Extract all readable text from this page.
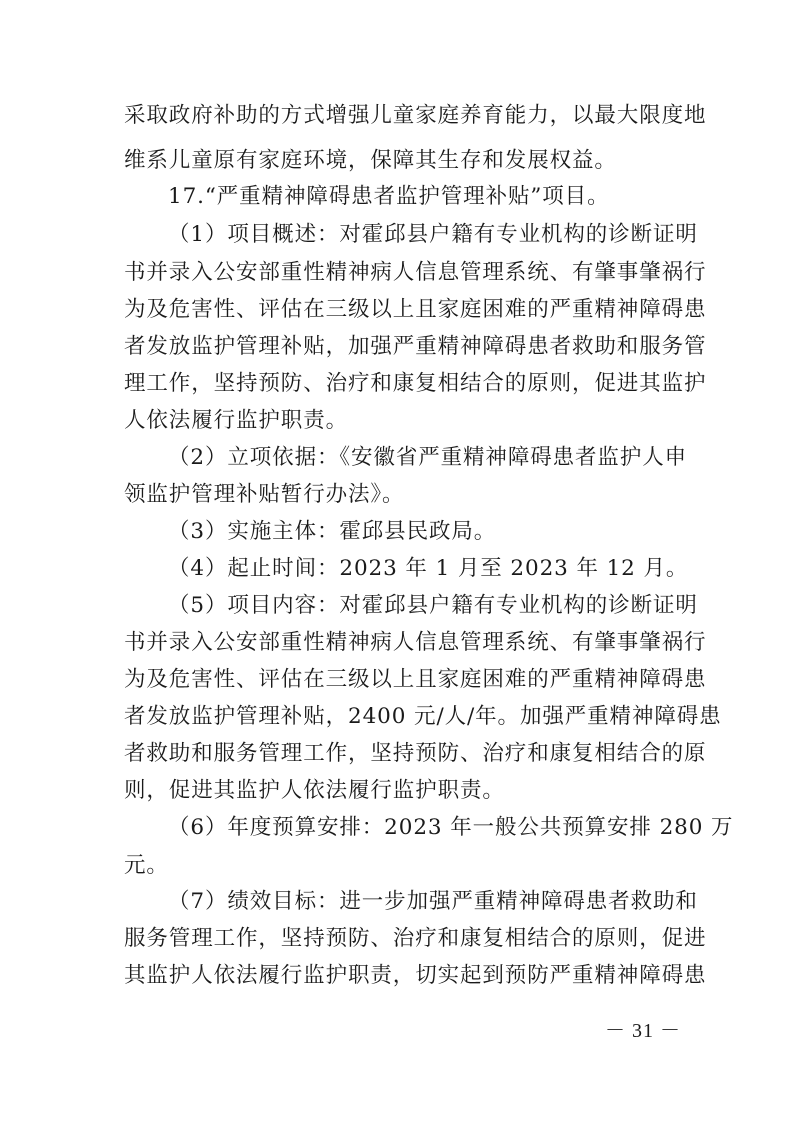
采取政府补助的方式增强儿童家庭养育能力，以最大限度地
维系儿童原有家庭环境，保障其生存和发展权益。
17.“严重精神障碍患者监护管理补贴”项目。
（1）项目概述：对霍邱县户籍有专业机构的诊断证明
书并录入公安部重性精神病人信息管理系统、有肇事肇祸行
为及危害性、评估在三级以上且家庭困难的严重精神障碍患
者发放监护管理补贴，加强严重精神障碍患者救助和服务管
理工作，坚持预防、治疗和康复相结合的原则，促进其监护
人依法履行监护职责。
（2）立项依据：《安徽省严重精神障碍患者监护人申
领监护管理补贴暂行办法》。
（3）实施主体：霍邱县民政局。
（4）起止时间：2023 年 1 月至 2023 年 12 月。
（5）项目内容：对霍邱县户籍有专业机构的诊断证明
书并录入公安部重性精神病人信息管理系统、有肇事肇祸行
为及危害性、评估在三级以上且家庭困难的严重精神障碍患
者发放监护管理补贴，2400 元/人/年。加强严重精神障碍患
者救助和服务管理工作，坚持预防、治疗和康复相结合的原
则，促进其监护人依法履行监护职责。
（6）年度预算安排：2023 年一般公共预算安排 280 万
元。
（7）绩效目标：进一步加强严重精神障碍患者救助和
服务管理工作，坚持预防、治疗和康复相结合的原则，促进
其监护人依法履行监护职责，切实起到预防严重精神障碍患
－ 31 －
